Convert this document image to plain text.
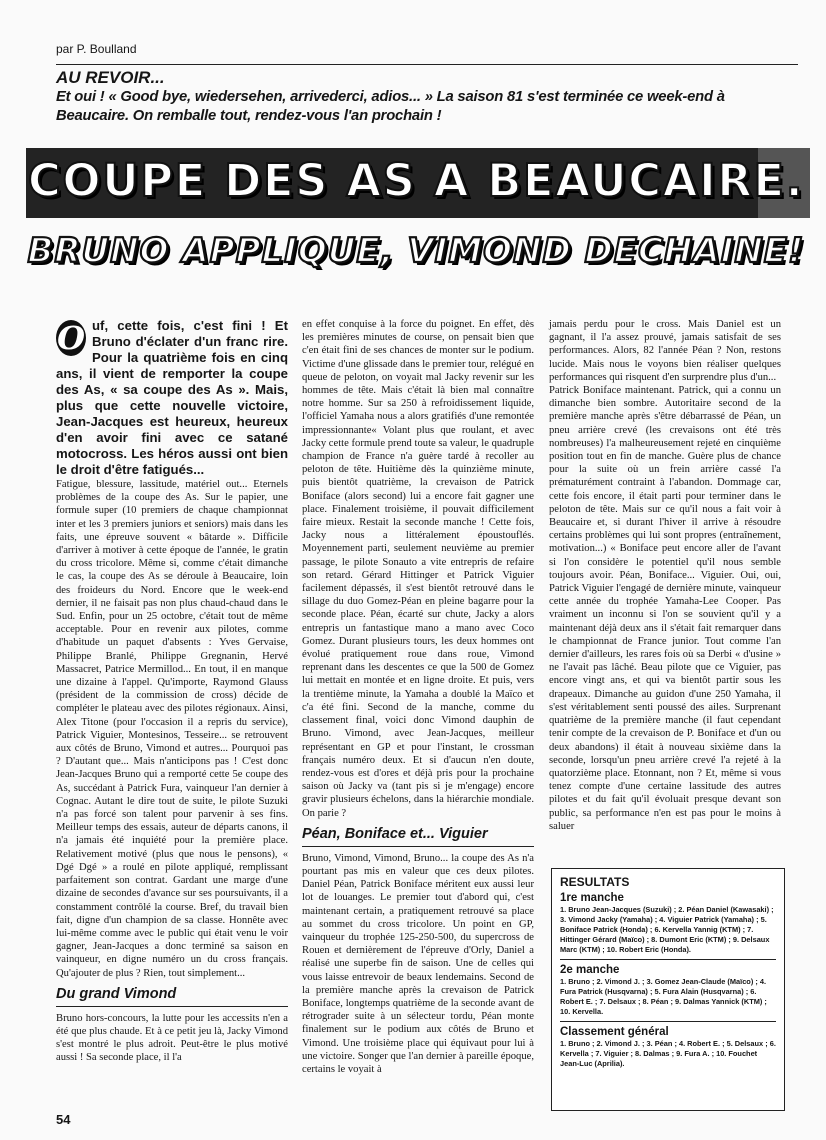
par P. Boulland
AU REVOIR...
Et oui ! « Good bye, wiedersehen, arrivederci, adios... » La saison 81 s'est terminée ce week-end à Beaucaire. On remballe tout, rendez-vous l'an prochain !
COUPE DES AS A BEAUCAIRE.
BRUNO APPLIQUE, VIMOND DECHAINE!
O uf, cette fois, c'est fini ! Et Bruno d'éclater d'un franc rire. Pour la quatrième fois en cinq ans, il vient de remporter la coupe des As, « sa coupe des As ». Mais, plus que cette nouvelle victoire, Jean-Jacques est heureux, heureux d'en avoir fini avec ce satané motocross. Les héros aussi ont bien le droit d'être fatigués...

Fatigue, blessure, lassitude, matériel out... Eternels problèmes de la coupe des As. Sur le papier, une formule super (10 premiers de chaque championnat inter et les 3 premiers juniors et seniors) mais dans les faits, une épreuve souvent « bâtarde ». Difficile d'arriver à motiver à cette époque de l'année, le gratin du cross tricolore. Même si, comme c'était dimanche le cas, la coupe des As se déroule à Beaucaire, loin des froideurs du Nord. Encore que le week-end dernier, il ne faisait pas non plus chaud-chaud dans le Sud. Enfin, pour un 25 octobre, c'était tout de même acceptable. Pour en revenir aux pilotes, comme d'habitude un paquet d'absents : Yves Gervaise, Philippe Branlé, Philippe Gregnanin, Hervé Massacret, Patrice Mermillod... En tout, il en manque une dizaine à l'appel. Qu'importe, Raymond Glauss (président de la commission de cross) décide de compléter le plateau avec des pilotes régionaux. Ainsi, Alex Titone (pour l'occasion il a repris du service), Patrick Viguier, Montesinos, Tesseire... se retrouvent aux côtés de Bruno, Vimond et autres... Pourquoi pas ? D'autant que... Mais n'anticipons pas ! C'est donc Jean-Jacques Bruno qui a remporté cette 5e coupe des As, succédant à Patrick Fura, vainqueur l'an dernier à Cognac. Autant le dire tout de suite, le pilote Suzuki n'a pas forcé son talent pour parvenir à ses fins. Meilleur temps des essais, auteur de départs canons, il n'a jamais été inquiété pour la première place. Relativement motivé (plus que nous le pensons), « Dgé Dgé » a roulé en pilote appliqué, remplissant parfaitement son contrat. Gardant une marge d'une dizaine de secondes d'avance sur ses poursuivants, il a constamment contrôlé la course. Bref, du travail bien fait, digne d'un champion de sa classe. Honnête avec lui-même comme avec le public qui était venu le voir gagner, Jean-Jacques a donc terminé sa saison en vainqueur, en digne numéro un du cross français. Qu'ajouter de plus ? Rien, tout simplement...

Du grand Vimond

Bruno hors-concours, la lutte pour les accessits n'en a été que plus chaude. Et à ce petit jeu là, Jacky Vimond s'est montré le plus adroit. Peut-être le plus motivé aussi ! Sa seconde place, il l'a

en effet conquise à la force du poignet. En effet, dès les premières minutes de course, on pensait bien que c'en était fini de ses chances de monter sur le podium. Victime d'une glissade dans le premier tour, relégué en queue de peloton, on voyait mal Jacky revenir sur les hommes de tête. Mais c'était là bien mal connaître notre homme. Sur sa 250 à refroidissement liquide, l'officiel Yamaha nous a alors gratifiés d'une remontée impressionnante« Volant plus que roulant, et avec Jacky cette formule prend toute sa valeur, le quadruple champion de France n'a guère tardé à recoller au peloton de tête. Huitième dès la quinzième minute, puis bientôt quatrième, la crevaison de Patrick Boniface (alors second) lui a encore fait gagner une place. Finalement troisième, il pouvait difficilement faire mieux. Restait la seconde manche ! Cette fois, Jacky nous a littéralement époustouflés. Moyennement parti, seulement neuvième au premier passage, le pilote Sonauto a vite entrepris de refaire son retard. Gérard Hittinger et Patrick Viguier facilement dépassés, il s'est bientôt retrouvé dans le sillage du duo Gomez-Péan en pleine bagarre pour la seconde place. Péan, écarté sur chute, Jacky a alors entrepris un fantastique mano a mano avec Coco Gomez. Durant plusieurs tours, les deux hommes ont évolué pratiquement roue dans roue, Vimond reprenant dans les descentes ce que la 500 de Gomez lui mettait en montée et en ligne droite. Et puis, vers la trentième minute, la Yamaha a doublé la Maïco et c'a été fini. Second de la manche, comme du classement final, voici donc Vimond dauphin de Bruno. Vimond, avec Jean-Jacques, meilleur représentant en GP et pour l'instant, le crossman français numéro deux. Et si d'aucun n'en doute, rendez-vous est d'ores et déjà pris pour la prochaine saison où Jacky va (tant pis si je m'engage) encore gravir plusieurs échelons, dans la hiérarchie mondiale. On parie ?

Péan, Boniface et... Viguier

Bruno, Vimond, Vimond, Bruno... la coupe des As n'a pourtant pas mis en valeur que ces deux pilotes. Daniel Péan, Patrick Boniface méritent eux aussi leur lot de louanges. Le premier tout d'abord qui, c'est maintenant certain, a pratiquement retrouvé sa place au sommet du cross tricolore. Un point en GP, vainqueur du trophée 125-250-500, du supercross de Rouen et dernièrement de l'épreuve d'Orly, Daniel a réalisé une superbe fin de saison. Une de celles qui vous laisse entrevoir de beaux lendemains. Second de la première manche après la crevaison de Patrick Boniface, longtemps quatrième de la seconde avant de rétrograder suite à un sélecteur tordu, Péan monte finalement sur le podium aux côtés de Bruno et Vimond. Une troisième place qui équivaut pour lui à une victoire. Songer que l'an dernier à pareille époque, certains le voyait à

jamais perdu pour le cross. Mais Daniel est un gagnant, il l'a assez prouvé, jamais satisfait de ses performances. Alors, 82 l'année Péan ? Non, restons lucide. Mais nous le voyons bien réaliser quelques performances qui risquent d'en surprendre plus d'un...

Patrick Boniface maintenant. Patrick, qui a connu un dimanche bien sombre. Autoritaire second de la première manche après s'être débarrassé de Péan, un pneu arrière crevé (les crevaisons ont été très nombreuses) l'a malheureusement rejeté en cinquième position tout en fin de manche. Guère plus de chance pour la suite où un frein arrière cassé l'a prématurément contraint à l'abandon. Dommage car, cette fois encore, il était parti pour terminer dans le peloton de tête. Mais sur ce qu'il nous a fait voir à Beaucaire et, si durant l'hiver il arrive à résoudre certains problèmes qui lui sont propres (entraînement, motivation...) « Boniface peut encore aller de l'avant si l'on considère le potentiel qu'il nous semble toujours avoir. Péan, Boniface... Viguier. Oui, oui, Patrick Viguier l'engagé de dernière minute, vainqueur cette année du trophée Yamaha-Lee Cooper. Pas vraiment un inconnu si l'on se souvient qu'il y a maintenant déjà deux ans il s'était fait remarquer dans le championnat de France junior. Tout comme l'an dernier d'ailleurs, les rares fois où sa Derbi « d'usine » ne l'avait pas lâché. Beau pilote que ce Viguier, pas encore vingt ans, et qui va bientôt partir sous les drapeaux. Dimanche au guidon d'une 250 Yamaha, il s'est véritablement senti poussé des ailes. Surprenant quatrième de la première manche (il faut cependant tenir compte de la crevaison de P. Boniface et d'un ou deux abandons) il était à nouveau sixième dans la seconde, lorsqu'un pneu arrière crevé l'a rejeté à la quatorzième place. Etonnant, non ? Et, même si vous tenez compte d'une certaine lassitude des autres pilotes et du fait qu'il évoluait presque devant son public, sa performance n'en est pas pour le moins à saluer

RESULTATS
1re manche

1. Bruno Jean-Jacques (Suzuki) ; 2. Péan Daniel (Kawasaki) ; 3. Vimond Jacky (Yamaha) ; 4. Viguier Patrick (Yamaha) ; 5. Boniface Patrick (Honda) ; 6. Kervella Yannig (KTM) ; 7. Hittinger Gérard (Maïco) ; 8. Dumont Eric (KTM) ; 9. Delsaux Marc (KTM) ; 10. Robert Eric (Honda).

2e manche

1. Bruno ; 2. Vimond J. ; 3. Gomez Jean-Claude (Maïco) ; 4. Fura Patrick (Husqvarna) ; 5. Fura Alain (Husqvarna) ; 6. Robert E. ; 7. Delsaux ; 8. Péan ; 9. Dalmas Yannick (KTM) ; 10. Kervella.

Classement général

1. Bruno ; 2. Vimond J. ; 3. Péan ; 4. Robert E. ; 5. Delsaux ; 6. Kervella ; 7. Viguier ; 8. Dalmas ; 9. Fura A. ; 10. Fouchet Jean-Luc (Aprilia).

54
